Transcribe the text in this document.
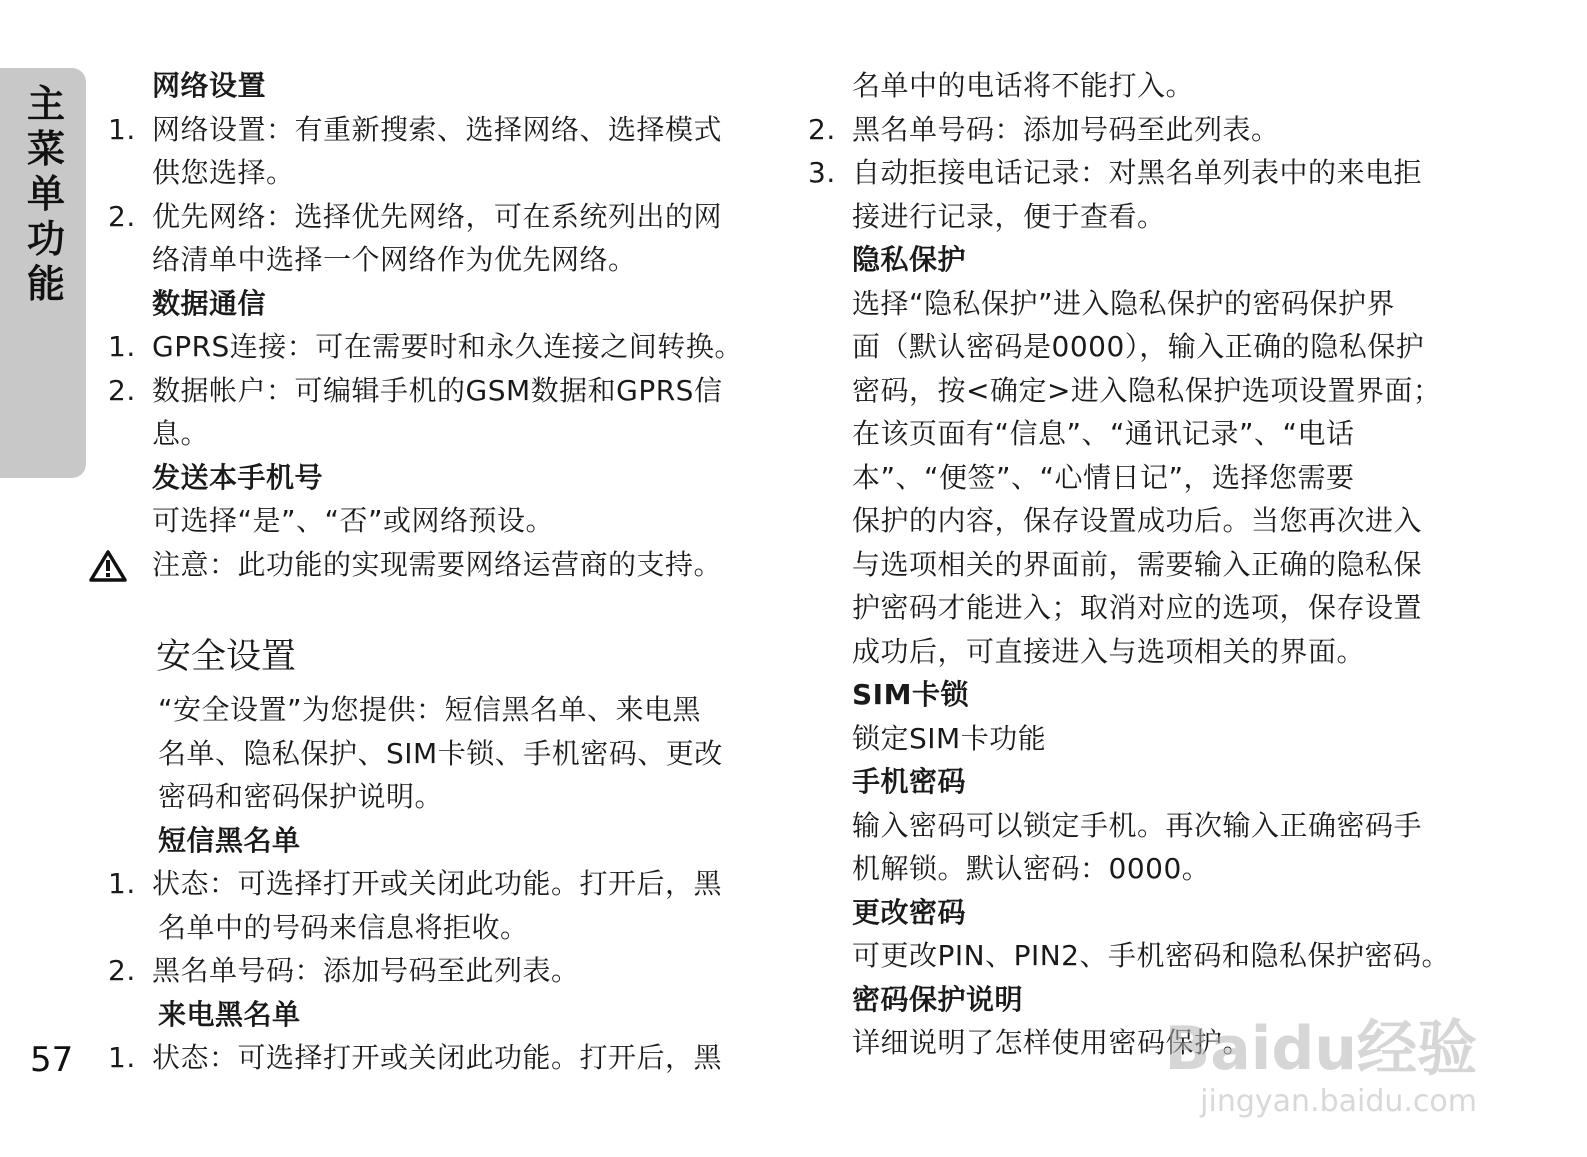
主菜单功能
57
网络设置
1. 网络设置：有重新搜索、选择网络、选择模式
供您选择。
2. 优先网络：选择优先网络，可在系统列出的网
络清单中选择一个网络作为优先网络。
数据通信
1. GPRS连接：可在需要时和永久连接之间转换。
2. 数据帐户：可编辑手机的GSM数据和GPRS信
息。
发送本手机号
可选择“是”、“否”或网络预设。
注意：此功能的实现需要网络运营商的支持。
安全设置
“安全设置”为您提供：短信黑名单、来电黑
名单、隐私保护、SIM卡锁、手机密码、更改
密码和密码保护说明。
短信黑名单
1. 状态：可选择打开或关闭此功能。打开后，黑
名单中的号码来信息将拒收。
2. 黑名单号码：添加号码至此列表。
来电黑名单
1. 状态：可选择打开或关闭此功能。打开后，黑
名单中的电话将不能打入。
2. 黑名单号码：添加号码至此列表。
3. 自动拒接电话记录：对黑名单列表中的来电拒
接进行记录，便于查看。
隐私保护
选择“隐私保护”进入隐私保护的密码保护界
面（默认密码是0000），输入正确的隐私保护
密码，按<确定>进入隐私保护选项设置界面；
在该页面有“信息”、“通讯记录”、“电话
本”、“便签”、“心情日记”，选择您需要
保护的内容，保存设置成功后。当您再次进入
与选项相关的界面前，需要输入正确的隐私保
护密码才能进入；取消对应的选项，保存设置
成功后，可直接进入与选项相关的界面。
SIM卡锁
锁定SIM卡功能
手机密码
输入密码可以锁定手机。再次输入正确密码手
机解锁。默认密码：0000。
更改密码
可更改PIN、PIN2、手机密码和隐私保护密码。
密码保护说明
详细说明了怎样使用密码保护。
Baidu经验
jingyan.baidu.com
